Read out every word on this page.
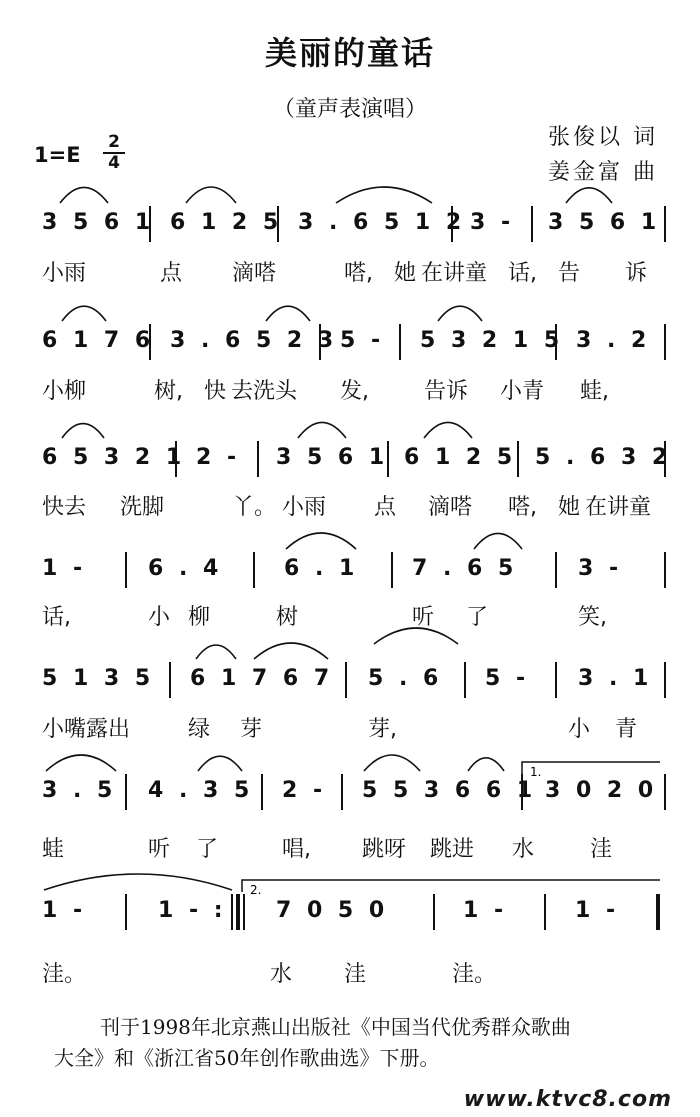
美丽的童话
（童声表演唱）
张俊以 词
姜金富 曲
1=E
2
4
1.
2.
3 5 6 1 6 1 2 5 3 . 6 5 1 2 3 - 3 5 6 1
小雨	点 滴嗒	嗒, 她 在讲童 话, 告 诉
6 1 7 6 3 . 6 5 2 3 5 - 5 3 2 1 5 3 . 2
小柳	树, 快 去洗头 发,	告诉 小青 蛙,
6 5 3 2 1 2 - 3 5 6 1 6 1 2 5 5 . 6 3 2
快去 洗脚	丫。 小雨 点 滴嗒 嗒, 她 在讲童
1 -	6 . 4	6 . 1 7 . 6 5	3 -
话,	小 柳	树	听 了	笑,
5 1 3 5 6 1 7 6 7 5 . 6 5 - 3 . 1
小嘴露出	绿 芽	芽,	小 青
3 . 5 4 . 3 5 2 - 5 5 3 6 6 1 3 0 2 0
蛙	听 了	唱, 跳呀 跳进 水	洼
1 -	1 - : 7 0 5 0	1 -	1 -
洼。	水 洼	洼。

刊于1998年北京燕山出版社《中国当代优秀群众歌曲

大全》和《浙江省50年创作歌曲选》下册。
www.ktvc8.com
